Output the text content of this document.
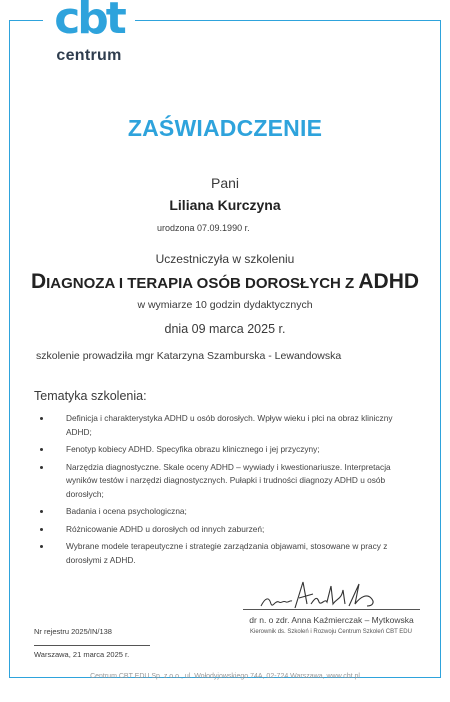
cbt
centrum
ZAŚWIADCZENIE
Pani
Liliana Kurczyna
urodzona 07.09.1990 r.
Uczestniczyła w szkoleniu
DIAGNOZA I TERAPIA OSÓB DOROSŁYCH Z ADHD
w wymiarze 10 godzin dydaktycznych
dnia 09 marca 2025 r.
szkolenie prowadziła mgr Katarzyna Szamburska - Lewandowska
Tematyka szkolenia:
Definicja i charakterystyka ADHD u osób dorosłych. Wpływ wieku i płci na obraz kliniczny ADHD;
Fenotyp kobiecy ADHD. Specyfika obrazu klinicznego i jej przyczyny;
Narzędzia diagnostyczne. Skale oceny ADHD – wywiady i kwestionariusze. Interpretacja wyników testów i narzędzi diagnostycznych. Pułapki i trudności diagnozy ADHD u osób dorosłych;
Badania i ocena psychologiczna;
Różnicowanie ADHD u dorosłych od innych zaburzeń;
Wybrane modele terapeutyczne i strategie zarządzania objawami, stosowane w pracy z dorosłymi z ADHD.
dr n. o zdr. Anna Kaźmierczak – Mytkowska
Kierownik ds. Szkoleń i Rozwoju Centrum Szkoleń CBT EDU
Nr rejestru 2025/IN/138
Warszawa, 21 marca 2025 r.
Centrum CBT EDU Sp. z o.o., ul. Wołodyjowskiego 74A, 02-724 Warszawa, www.cbt.pl
